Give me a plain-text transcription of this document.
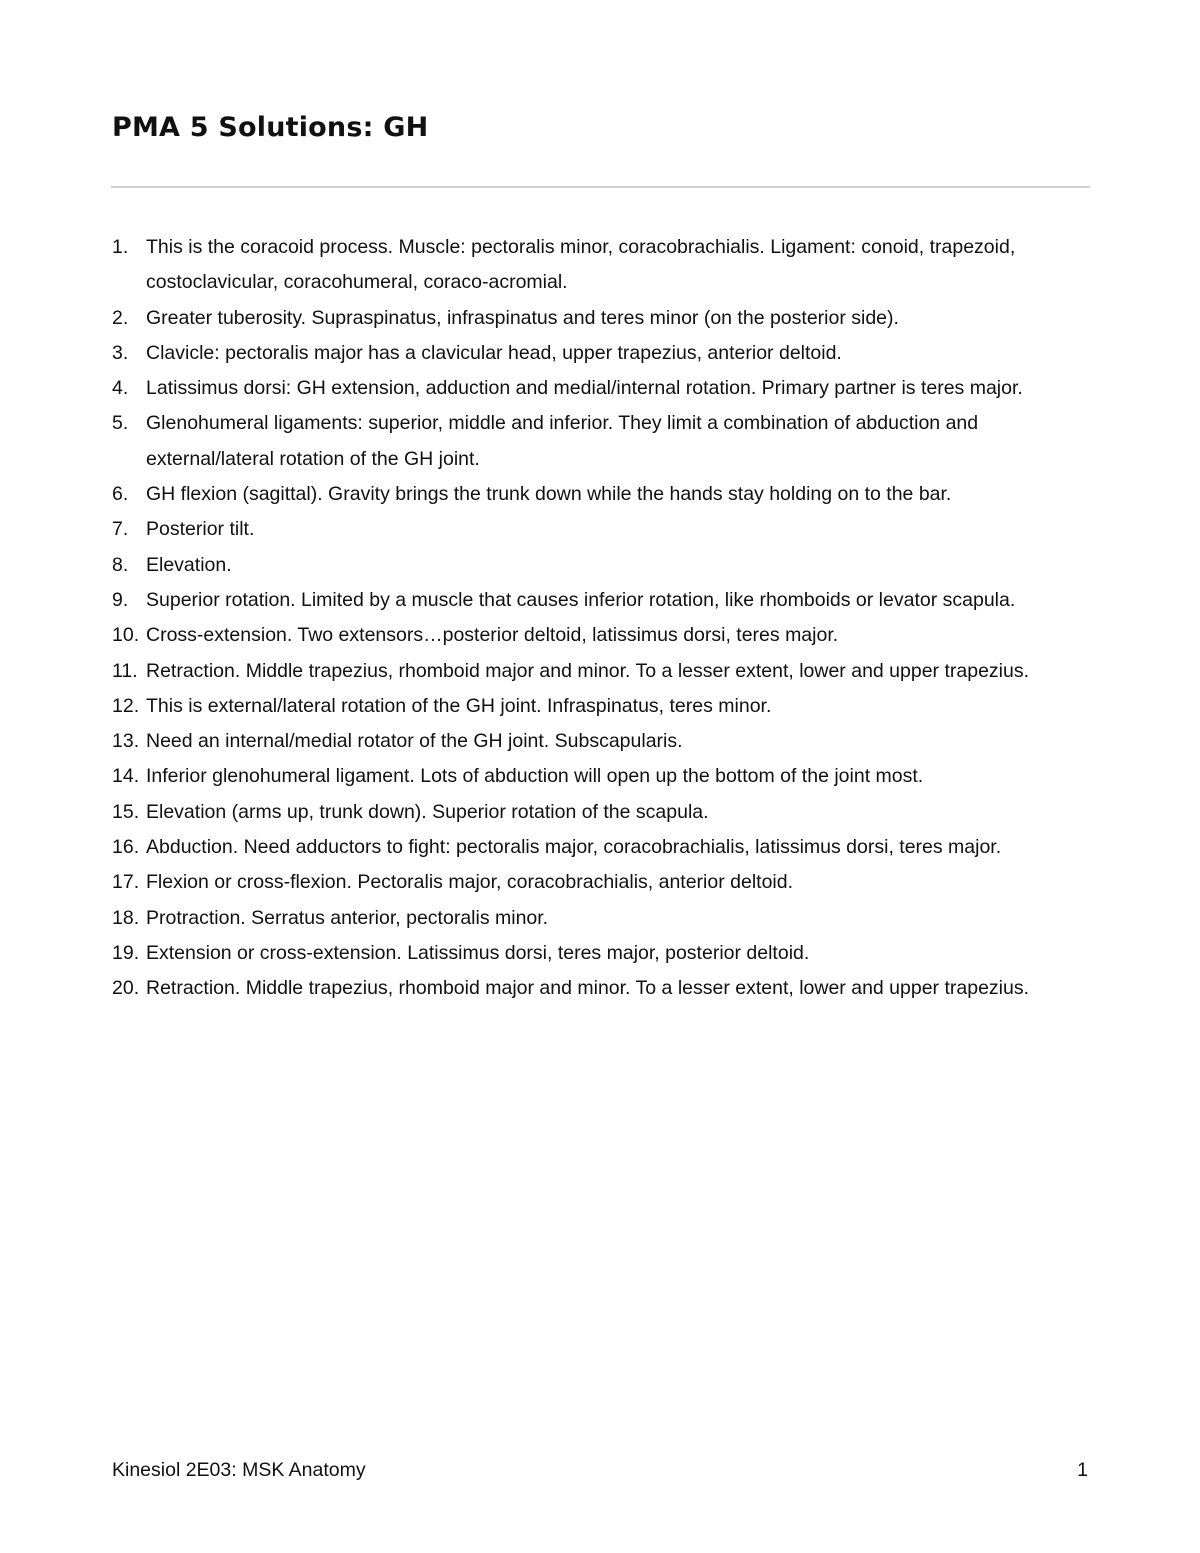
PMA 5 Solutions: GH
1. This is the coracoid process. Muscle: pectoralis minor, coracobrachialis. Ligament: conoid, trapezoid, costoclavicular, coracohumeral, coraco-acromial.
2. Greater tuberosity. Supraspinatus, infraspinatus and teres minor (on the posterior side).
3. Clavicle: pectoralis major has a clavicular head, upper trapezius, anterior deltoid.
4. Latissimus dorsi: GH extension, adduction and medial/internal rotation. Primary partner is teres major.
5. Glenohumeral ligaments: superior, middle and inferior. They limit a combination of abduction and external/lateral rotation of the GH joint.
6. GH flexion (sagittal). Gravity brings the trunk down while the hands stay holding on to the bar.
7. Posterior tilt.
8. Elevation.
9. Superior rotation. Limited by a muscle that causes inferior rotation, like rhomboids or levator scapula.
10. Cross-extension. Two extensors…posterior deltoid, latissimus dorsi, teres major.
11. Retraction. Middle trapezius, rhomboid major and minor. To a lesser extent, lower and upper trapezius.
12. This is external/lateral rotation of the GH joint. Infraspinatus, teres minor.
13. Need an internal/medial rotator of the GH joint. Subscapularis.
14. Inferior glenohumeral ligament. Lots of abduction will open up the bottom of the joint most.
15. Elevation (arms up, trunk down). Superior rotation of the scapula.
16. Abduction. Need adductors to fight: pectoralis major, coracobrachialis, latissimus dorsi, teres major.
17. Flexion or cross-flexion. Pectoralis major, coracobrachialis, anterior deltoid.
18. Protraction. Serratus anterior, pectoralis minor.
19. Extension or cross-extension. Latissimus dorsi, teres major, posterior deltoid.
20. Retraction. Middle trapezius, rhomboid major and minor. To a lesser extent, lower and upper trapezius.
Kinesiol 2E03: MSK Anatomy	1
